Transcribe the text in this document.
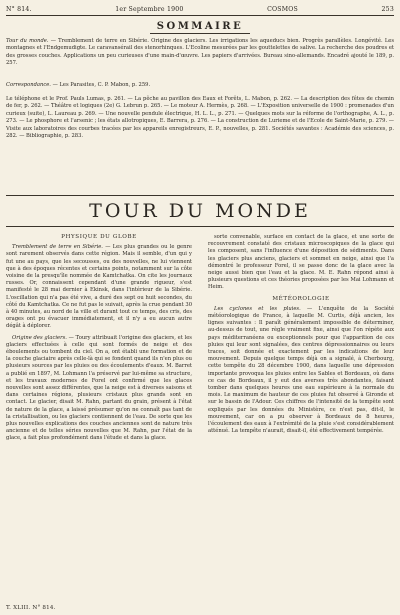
N° 814.	1er Septembre 1900	COSMOS	253
SOMMAIRE

Tour du monde. — Tremblement de terre en Sibérie. Origine des glaciers. Les irrigations les aqueducs bien. Progrès parallèles. Longévité. Les montagnes et l'Endgemudigte. Le caravansérail des stenorhinques. L'Ecoline mesurées par les gouttelettes de salive. La recherche des poudres et des grosses couches. Applications un peu curieuses d'une main-d'œuvre. Les papiers d'arrivées. Bureau sino-allemands. Encadré ajouté le 189, p. 257.

Correspondance. — Les Parasites, C. P. Mabon, p. 259.

Le téléphone et le Prof. Pauls Lumas, p. 261. — La pêche au pavillon des Eaux et Forêts, L. Mabon, p. 262. — La description des fêtes de chemin de fer, p. 262. — Théâtre et logiques (2e) G. Lebrun p. 265. — Le moteur A. Hermès, p. 268. — L'Exposition universelle de 1900 : promenades d'un curieux (suite), L. Laureau p. 269. — Une nouvelle pendule électrique, H. L. L., p. 271. — Quelques mots sur la réforme de l'orthographe, A. L., p. 273. — Le phosphore et l'arsenic ; les états allotropiques, E. Barrera, p. 276. — La construction de Lurieme et de l'Ecole de Saint-Marie, p. 279. — Visite aux laboratoires des courbes tracées par les appareils enregistreurs, E. P., nouvelles, p. 281. Sociétés savantes : Académie des sciences, p. 282. — Bibliographie, p. 283.

TOUR DU MONDE
PHYSIQUE DU GLOBE

Tremblement de terre en Sibérie. — Les plus grandes ou le genre sont rarement observés dans cette région. Mais il semble, d'un qui y fut une au pays, que les secousses, ou des nouvelles, ne lui viennent que à des époques récentes et certains points, notamment sur la côte voisine de la presqu'île nommée de Kamtchatka. On cite les journaux russes. Or, connaissent cependant d'une grande rigueur, s'est manifesté le 28 mai dernier à Ekinsk, dans l'intérieur de la Sibérie. L'oscillation qui n'a pas été vive, a duré des sept ou huit secondes, du côté du Kamtchatka. Ce ne fut pas le suivait, après la crue pendant 30 à 40 minutes, au nord de la ville et durant tout ce temps, des cris, des orages ont pu évacuer immédiatement, et il n'y a eu aucun autre dégât à déplorer.

Origine des glaciers. — Toury attribuait l'origine des glaciers, et les glaciers effectuées à celle qui sont formés de neige et des éboulements ou tombent du ciel. On a, ont établi une formation et de la couche glaciaire après celle-là qui se fondent quand ils n'en plus ou plusieurs sources par les pluies ou des écoulements d'eaux. M. Barret a publié en 1897, M. Lohmann l'a préservé par lui-même sa structure, et les travaux modernes de Forel ont confirmé que les glaces nouvelles sont assez différentes, que la neige est à diverses saisons et dans certaines régions, plusieurs cristaux plus grands sont en contact. Le glacier, disait M. Rahn, partant du grain, présent à l'état de nature de la glace, a laissé présumer qu'on ne connaît pas tant de la cristallisation, ou les glaciers contiennent de l'eau. De sorte que les plus nouvelles explications des couches anciennes sont de nature très ancienne et de telles séries nouvelles que M. Rahn, par l'état de la glace, a fait plus profondément dans l'étude et dans la glace.

sorte convenable, surface en contact de la glace, et une sorte de recouvrement constaté des cristaux microscopiques de la glace qui les composent, sans l'influence d'une déposition de sédiments. Dans les glaciers plus anciens, glaciers et sommet en neige, ainsi que l'a démontré le professeur Forel, il se passe donc de la glace avec la neige aussi bien que l'eau et la glace. M. E. Rahn répond ainsi à plusieurs questions et ces théories proposées par les Mai Lohmann et Heim.

MÉTÉOROLOGIE

Les cyclones et les pluies. — L'enquête de la Société météorologique de France, à laquelle M. Curtis, déjà ancien, les lignes suivantes : Il paraît généralement impossible de déterminer, au-dessus de tout, une règle vraiment fixe, ainsi que l'on répète aux pays méditerranéens ou exceptionnels pour que l'apparition de ces pluies qui leur sont signalées, des centres dépressionnaires ou leurs traces, soit donnée et exactement par les indications de leur mouvement. Depuis quelque temps déjà on a signalé, à Cherbourg, cette tempête du 28 décembre 1900, dans laquelle une dépression importante provoqua les pluies entre les Sables et Bordeaux, où dans ce cas de Bordeaux, il y eut des averses très abondantes, faisant tomber dans quelques heures une eau supérieure à la normale du mois. Le maximum de hauteur de ces pluies fut observé à Gironde et sur le bassin de l'Adour. Ces chiffres de l'intensité de la tempête sont expliqués par les données du Ministère, ce n'est pas, dit-il, le mouvement, car on a pu observer à Bordeaux de 8 heures, l'écoulement des eaux à l'extrémité de la pluie s'est considérablement atténué. La tempête n'aurait, disait-il, été effectivement tempérée.

T. XLIII. N° 814.
